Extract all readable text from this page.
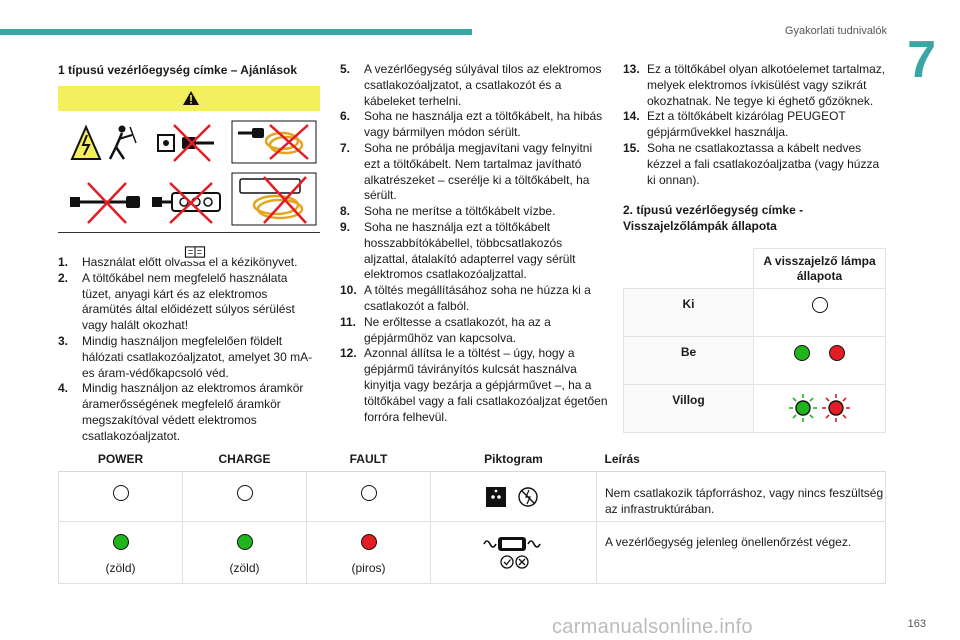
Gyakorlati tudnivalók 7
1 típusú vezérlőegység címke – Ajánlások
1.	Használat előtt olvassa el a kézikönyvet.
2.	A töltőkábel nem megfelelő használata tüzet, anyagi kárt és az elektromos áramütés által előidézett súlyos sérülést vagy halált okozhat!
3.	Mindig használjon megfelelően földelt hálózati csatlakozóaljzatot, amelyet 30 mA-es áram-védőkapcsoló véd.
4.	Mindig használjon az elektromos áramkör áramerősségének megfelelő áramkör megszakítóval védett elektromos csatlakozóaljzatot.
5.	A vezérlőegység súlyával tilos az elektromos csatlakozóaljzatot, a csatlakozót és a kábeleket terhelni.
6.	Soha ne használja ezt a töltőkábelt, ha hibás vagy bármilyen módon sérült.
7.	Soha ne próbálja megjavítani vagy felnyitni ezt a töltőkábelt. Nem tartalmaz javítható alkatrészeket – cserélje ki a töltőkábelt, ha sérült.
8.	Soha ne merítse a töltőkábelt vízbe.
9.	Soha ne használja ezt a töltőkábelt hosszabbítókábellel, többcsatlakozós aljzattal, átalakító adapterrel vagy sérült elektromos csatlakozóaljzattal.
10. A töltés megállításához soha ne húzza ki a csatlakozót a falból.
11. Ne erőltesse a csatlakozót, ha az a gépjárműhöz van kapcsolva.
12. Azonnal állítsa le a töltést – úgy, hogy a gépjármű távirányítós kulcsát használva kinyitja vagy bezárja a gépjárművet –, ha a töltőkábel vagy a fali csatlakozóaljzat égetően forróra felhevül.
13. Ez a töltőkábel olyan alkotóelemet tartalmaz, melyek elektromos ívkisülést vagy szikrát okozhatnak. Ne tegye ki éghető gőzöknek.
14. Ezt a töltőkábelt kizárólag PEUGEOT gépjárművekkel használja.
15. Soha ne csatlakoztassa a kábelt nedves kézzel a fali csatlakozóaljzatba (vagy húzza ki onnan).
2. típusú vezérlőegység címke - Visszajelzőlámpák állapota
	A visszajelző lámpa állapota
Ki	
Be	
Villog	
POWER	CHARGE	FAULT	Piktogram	Leírás
				Nem csatlakozik tápforráshoz, vagy nincs feszültség az infrastruktúrában.

(zöld)	(zöld)	(piros)		A vezérlőegység jelenleg önellenőrzést végez.
163
carmanualsonline.info
